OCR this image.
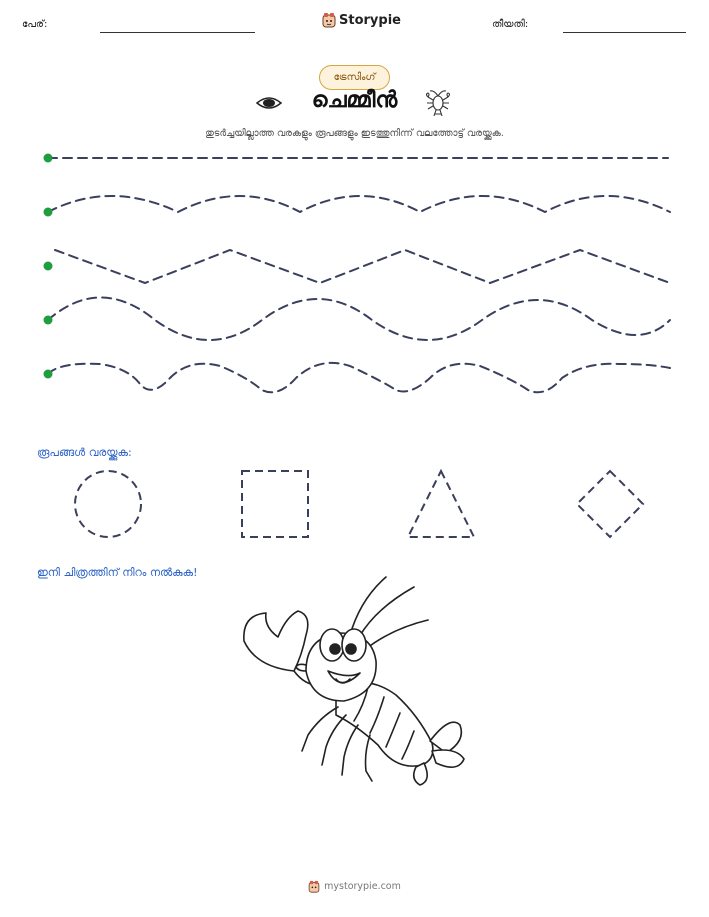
പേര്:	Storypie	തീയതി:
ട്രേസിംഗ്
ചെമ്മീൻ
തുടർച്ചയില്ലാത്ത വരകളും രൂപങ്ങളും ഇടത്തുനിന്ന് വലത്തോട്ട് വരയ്ക്കുക.
രൂപങ്ങൾ വരയ്ക്കുക:
ഇനി ചിത്രത്തിന് നിറം നൽകുക!
mystorypie.com
